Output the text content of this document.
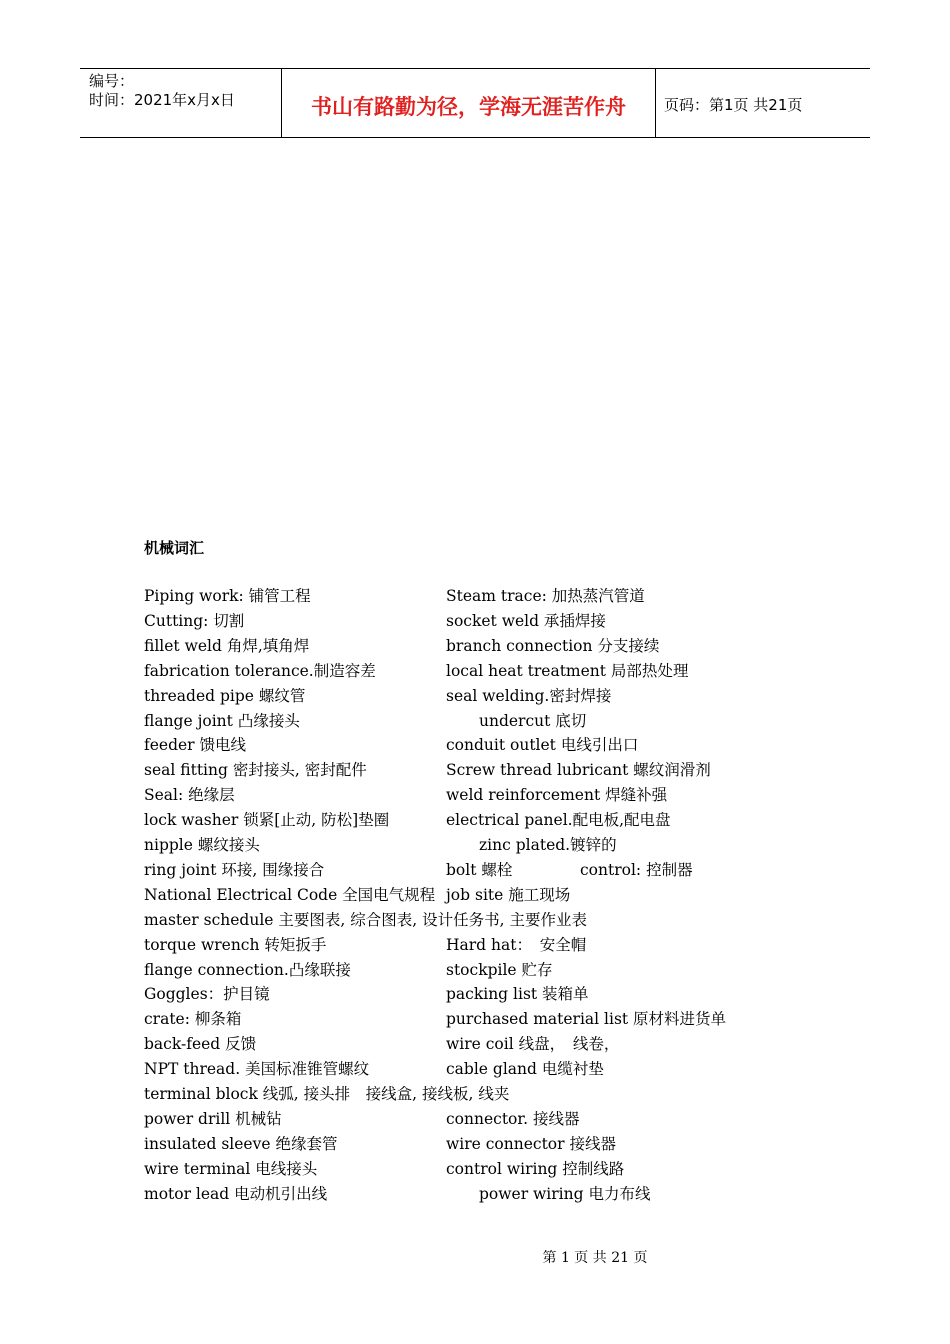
编号：
时间：2021年x月x日	书山有路勤为径，学海无涯苦作舟	页码：第1页 共21页
机械词汇
Piping work: 铺管工程	Steam trace: 加热蒸汽管道
Cutting: 切割	socket weld 承插焊接
fillet weld 角焊,填角焊	branch connection 分支接续
fabrication tolerance.制造容差	local heat treatment 局部热处理
threaded pipe 螺纹管	seal welding.密封焊接
flange joint 凸缘接头	undercut 底切
feeder 馈电线	conduit outlet 电线引出口
seal fitting 密封接头, 密封配件	Screw thread lubricant 螺纹润滑剂
Seal: 绝缘层	weld reinforcement 焊缝补强
lock washer 锁紧[止动, 防松]垫圈	electrical panel.配电板,配电盘
nipple 螺纹接头	zinc plated.镀锌的
ring joint 环接, 围缘接合	bolt 螺栓	control: 控制器
National Electrical Code 全国电气规程 job site 施工现场
master schedule 主要图表, 综合图表, 设计任务书, 主要作业表
torque wrench 转矩扳手	Hard hat：　安全帽
flange connection.凸缘联接	stockpile 贮存
Goggles：护目镜	packing list 装箱单
crate: 柳条箱	purchased material list 原材料进货单
back-feed 反馈	wire coil 线盘，　线卷，
NPT thread. 美国标准锥管螺纹	cable gland 电缆衬垫
terminal block 线弧, 接头排　接线盒, 接线板, 线夹
power drill 机械钻	connector. 接线器
insulated sleeve 绝缘套管	wire connector 接线器
wire terminal 电线接头	control wiring 控制线路
motor lead 电动机引出线	power wiring 电力布线
第 1 页 共 21 页
